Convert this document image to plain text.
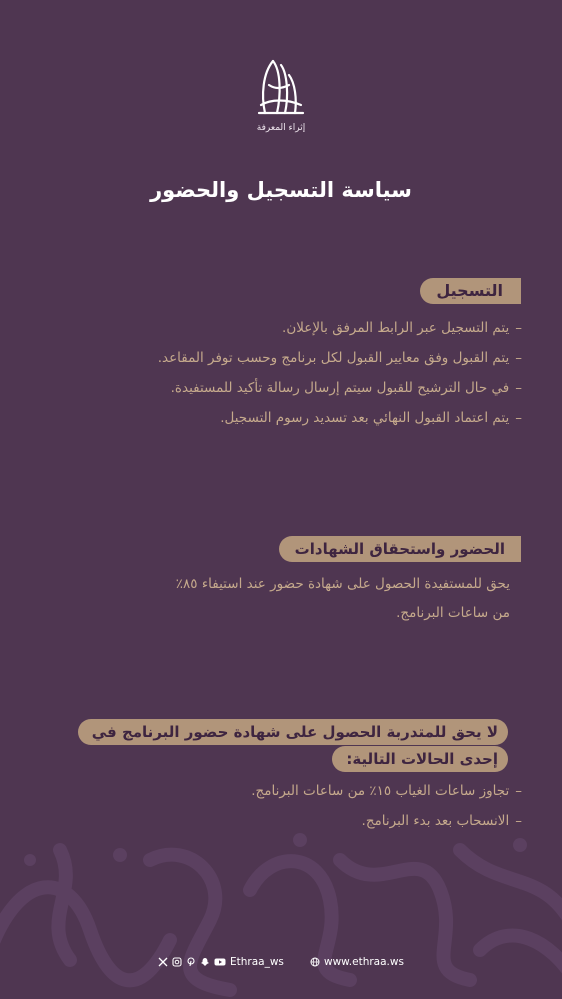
إثراء المعرفة
سياسة التسجيل والحضور
التسجيل
–يتم التسجيل عبر الرابط المرفق بالإعلان.
–يتم القبول وفق معايير القبول لكل برنامج وحسب توفر المقاعد.
–في حال الترشيح للقبول سيتم إرسال رسالة تأكيد للمستفيدة.
–يتم اعتماد القبول النهائي بعد تسديد رسوم التسجيل.
الحضور واستحقاق الشهادات
يحق للمستفيدة الحصول على شهادة حضور عند استيفاء ٨٥٪
من ساعات البرنامج.
لا يحق للمتدربة الحصول على شهادة حضور البرنامج في
إحدى الحالات التالية:
–تجاوز ساعات الغياب ١٥٪ من ساعات البرنامج.
–الانسحاب بعد بدء البرنامج.
Ethraa_ws	www.ethraa.ws
